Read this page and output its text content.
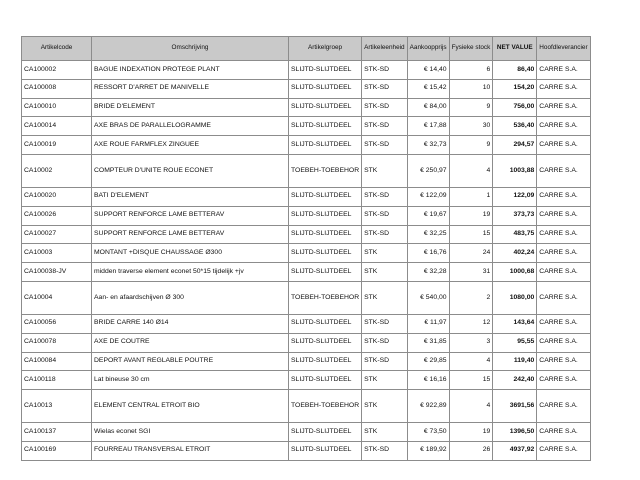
Artikelcode	Omschrijving	Artikelgroep	Artikeleenheid	Aankoopprijs	Fysieke stock	NET VALUE	Hoofdleverancier
CA100002	BAGUE INDEXATION PROTEGE PLANT	SLIJTD-SLIJTDEEL	STK-SD	€ 14,40	6	86,40	CARRE S.A.
CA100008	RESSORT D'ARRET DE MANIVELLE	SLIJTD-SLIJTDEEL	STK-SD	€ 15,42	10	154,20	CARRE S.A.
CA100010	BRIDE D'ELEMENT	SLIJTD-SLIJTDEEL	STK-SD	€ 84,00	9	756,00	CARRE S.A.
CA100014	AXE BRAS DE PARALLELOGRAMME	SLIJTD-SLIJTDEEL	STK-SD	€ 17,88	30	536,40	CARRE S.A.
CA100019	AXE ROUE FARMFLEX ZINGUEE	SLIJTD-SLIJTDEEL	STK-SD	€ 32,73	9	294,57	CARRE S.A.
CA10002	COMPTEUR D'UNITE ROUE ECONET	TOEBEH-TOEBEHOR	STK	€ 250,97	4	1003,88	CARRE S.A.
CA100020	BATI D'ELEMENT	SLIJTD-SLIJTDEEL	STK-SD	€ 122,09	1	122,09	CARRE S.A.
CA100026	SUPPORT RENFORCE LAME BETTERAV	SLIJTD-SLIJTDEEL	STK-SD	€ 19,67	19	373,73	CARRE S.A.
CA100027	SUPPORT RENFORCE LAME BETTERAV	SLIJTD-SLIJTDEEL	STK-SD	€ 32,25	15	483,75	CARRE S.A.
CA10003	MONTANT +DISQUE CHAUSSAGE Ø300	SLIJTD-SLIJTDEEL	STK	€ 16,76	24	402,24	CARRE S.A.
CA100038-JV	midden traverse element econet 50*15 tijdelijk +jv	SLIJTD-SLIJTDEEL	STK	€ 32,28	31	1000,68	CARRE S.A.
CA10004	Aan- en afaardschijven Ø 300	TOEBEH-TOEBEHOR	STK	€ 540,00	2	1080,00	CARRE S.A.
CA100056	BRIDE CARRE 140 Ø14	SLIJTD-SLIJTDEEL	STK-SD	€ 11,97	12	143,64	CARRE S.A.
CA100078	AXE DE COUTRE	SLIJTD-SLIJTDEEL	STK-SD	€ 31,85	3	95,55	CARRE S.A.
CA100084	DEPORT AVANT REGLABLE POUTRE	SLIJTD-SLIJTDEEL	STK-SD	€ 29,85	4	119,40	CARRE S.A.
CA100118	Lat bineuse 30 cm	SLIJTD-SLIJTDEEL	STK	€ 16,16	15	242,40	CARRE S.A.
CA10013	ELEMENT CENTRAL ETROIT BIO	TOEBEH-TOEBEHOR	STK	€ 922,89	4	3691,56	CARRE S.A.
CA100137	Wielas econet SGI	SLIJTD-SLIJTDEEL	STK	€ 73,50	19	1396,50	CARRE S.A.
CA100169	FOURREAU TRANSVERSAL ETROIT	SLIJTD-SLIJTDEEL	STK-SD	€ 189,92	26	4937,92	CARRE S.A.
